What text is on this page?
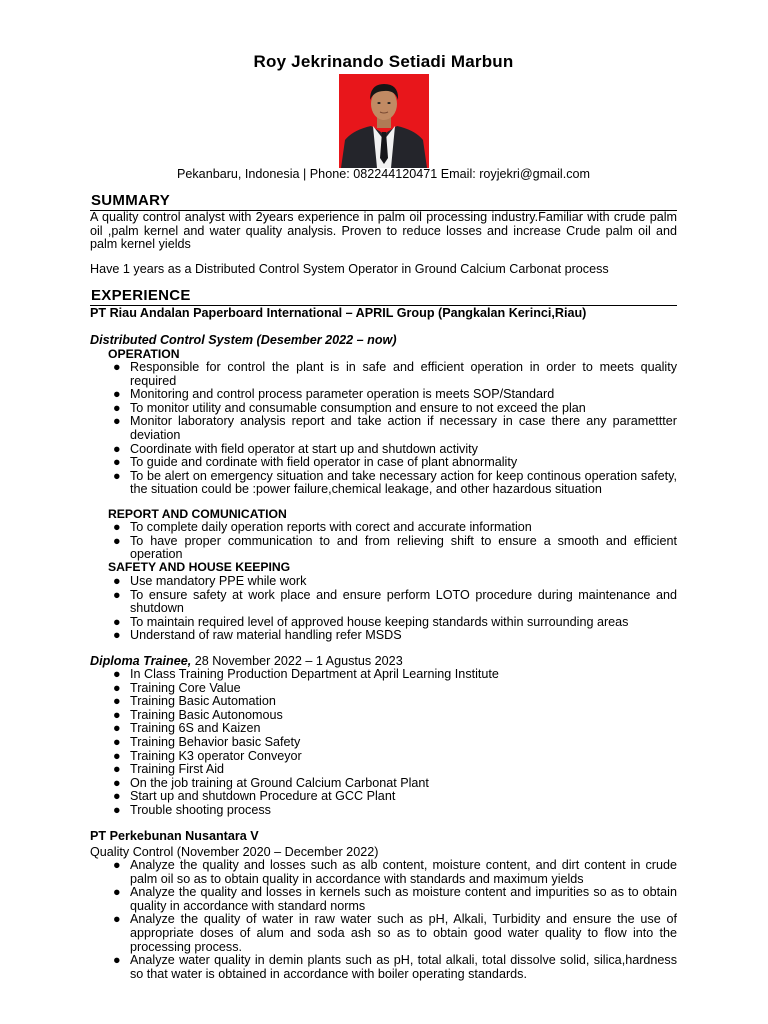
Roy Jekrinando Setiadi Marbun
Pekanbaru, Indonesia | Phone: 082244120471 Email: royjekri@gmail.com
SUMMARY
A quality control analyst with 2years experience in palm oil processing industry.Familiar with crude palm oil ,palm kernel and water quality analysis. Proven to reduce losses and increase Crude palm oil and palm kernel yields
Have 1 years as a Distributed Control System Operator in Ground Calcium Carbonat process
EXPERIENCE
PT Riau Andalan Paperboard International – APRIL Group (Pangkalan Kerinci,Riau)
Distributed Control System (Desember 2022 – now)
OPERATION
● Responsible for control the plant is in safe and efficient operation in order to meets quality required
● Monitoring and control process parameter operation is meets SOP/Standard
● To monitor utility and consumable consumption and ensure to not exceed the plan
● Monitor laboratory analysis report and take action if necessary in case there any paramettter deviation
● Coordinate with field operator at start up and shutdown activity
● To guide and cordinate with field operator in case of plant abnormality
● To be alert on emergency situation and take necessary action for keep continous operation safety, the situation could be :power failure,chemical leakage, and other hazardous situation
REPORT AND COMUNICATION
● To complete daily operation reports with corect and accurate information
● To have proper communication to and from relieving shift to ensure a smooth and efficient operation
SAFETY AND HOUSE KEEPING
● Use mandatory PPE while work
● To ensure safety at work place and ensure perform LOTO procedure during maintenance and shutdown
● To maintain required level of approved house keeping standards within surrounding areas
● Understand of raw material handling refer MSDS
Diploma Trainee, 28 November 2022 – 1 Agustus 2023
● In Class Training Production Department at April Learning Institute
● Training Core Value
● Training Basic Automation
● Training Basic Autonomous
● Training 6S and Kaizen
● Training Behavior basic Safety
● Training K3 operator Conveyor
● Training First Aid
● On the job training at Ground Calcium Carbonat Plant
● Start up and shutdown Procedure at GCC Plant
● Trouble shooting process
PT Perkebunan Nusantara V
Quality Control (November 2020 – December 2022)
● Analyze the quality and losses such as alb content, moisture content, and dirt content in crude palm oil so as to obtain quality in accordance with standards and maximum yields
● Analyze the quality and losses in kernels such as moisture content and impurities so as to obtain quality in accordance with standard norms
● Analyze the quality of water in raw water such as pH, Alkali, Turbidity and ensure the use of appropriate doses of alum and soda ash so as to obtain good water quality to flow into the processing process.
● Analyze water quality in demin plants such as pH, total alkali, total dissolve solid, silica,hardness so that water is obtained in accordance with boiler operating standards.
